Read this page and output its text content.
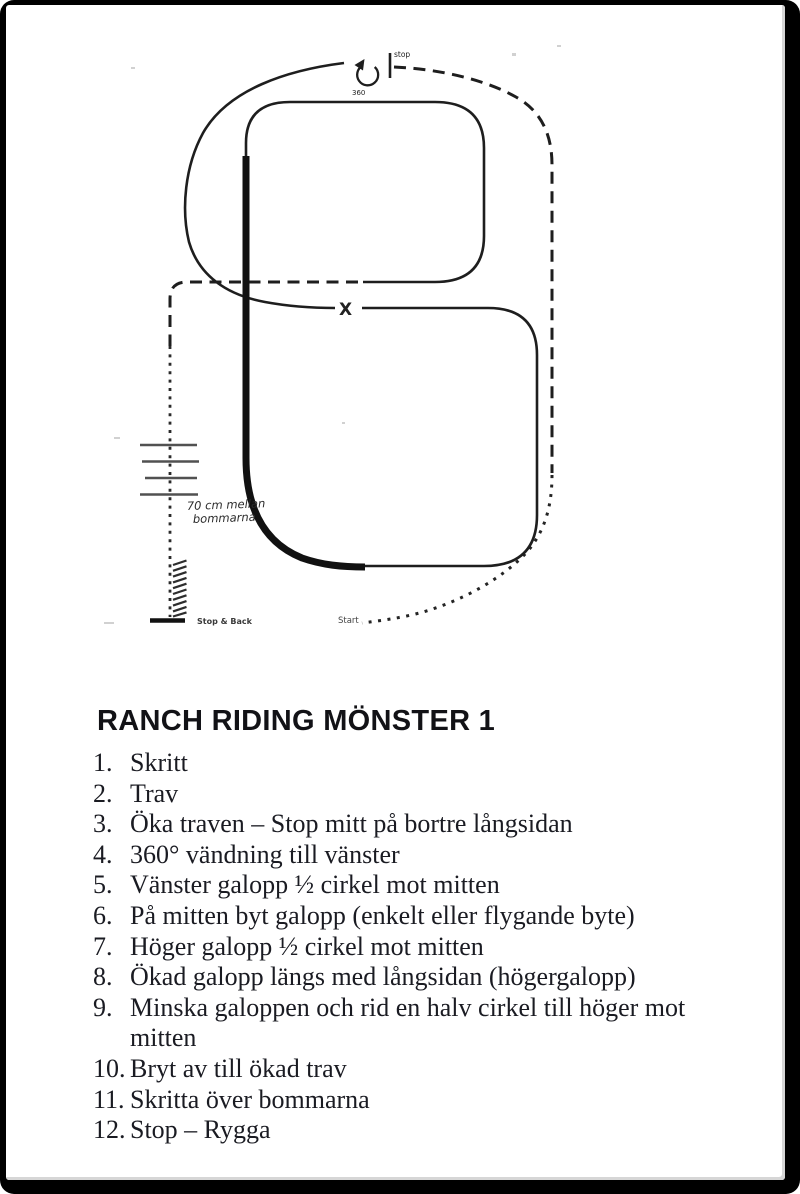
stop
360
X
70 cm mellan
bommarna
Stop & Back	Start
RANCH RIDING MÖNSTER 1
1. Skritt
2. Trav
3. Öka traven – Stop mitt på bortre långsidan
4. 360° vändning till vänster
5. Vänster galopp ½ cirkel mot mitten
6. På mitten byt galopp (enkelt eller flygande byte)
7. Höger galopp ½ cirkel mot mitten
8. Ökad galopp längs med långsidan (högergalopp)
9. Minska galoppen och rid en halv cirkel till höger mot mitten
10. Bryt av till ökad trav
11. Skritta över bommarna
12. Stop – Rygga
